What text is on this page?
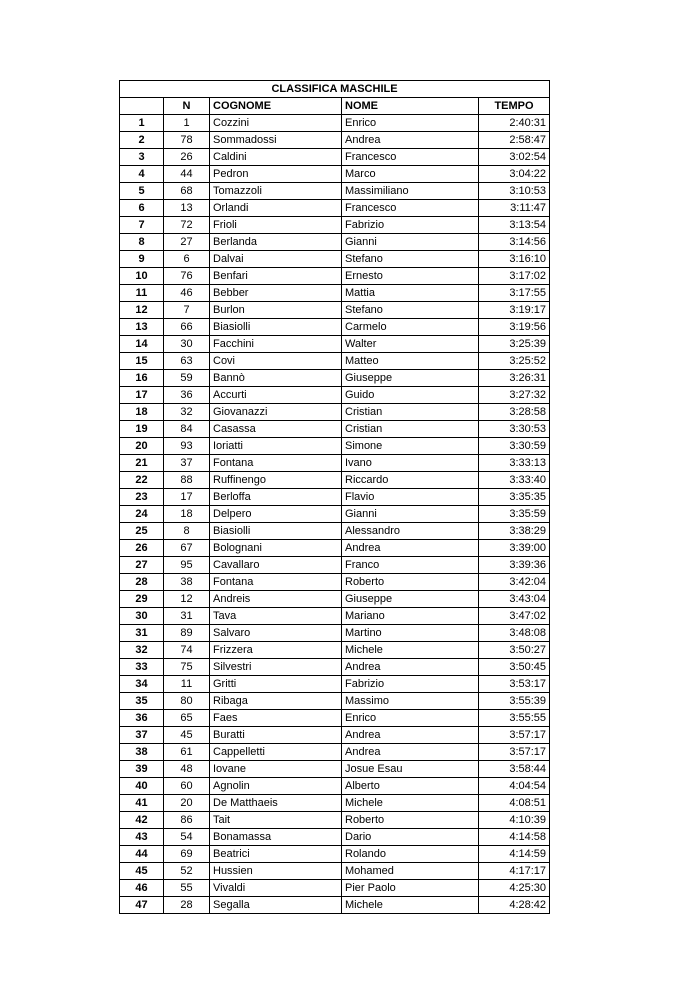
CLASSIFICA MASCHILE				
	N	COGNOME	NOME	TEMPO
1	1	Cozzini	Enrico	2:40:31
2	78	Sommadossi	Andrea	2:58:47
3	26	Caldini	Francesco	3:02:54
4	44	Pedron	Marco	3:04:22
5	68	Tomazzoli	Massimiliano	3:10:53
6	13	Orlandi	Francesco	3:11:47
7	72	Frioli	Fabrizio	3:13:54
8	27	Berlanda	Gianni	3:14:56
9	6	Dalvai	Stefano	3:16:10
10	76	Benfari	Ernesto	3:17:02
11	46	Bebber	Mattia	3:17:55
12	7	Burlon	Stefano	3:19:17
13	66	Biasiolli	Carmelo	3:19:56
14	30	Facchini	Walter	3:25:39
15	63	Covi	Matteo	3:25:52
16	59	Bannò	Giuseppe	3:26:31
17	36	Accurti	Guido	3:27:32
18	32	Giovanazzi	Cristian	3:28:58
19	84	Casassa	Cristian	3:30:53
20	93	Ioriatti	Simone	3:30:59
21	37	Fontana	Ivano	3:33:13
22	88	Ruffinengo	Riccardo	3:33:40
23	17	Berloffa	Flavio	3:35:35
24	18	Delpero	Gianni	3:35:59
25	8	Biasiolli	Alessandro	3:38:29
26	67	Bolognani	Andrea	3:39:00
27	95	Cavallaro	Franco	3:39:36
28	38	Fontana	Roberto	3:42:04
29	12	Andreis	Giuseppe	3:43:04
30	31	Tava	Mariano	3:47:02
31	89	Salvaro	Martino	3:48:08
32	74	Frizzera	Michele	3:50:27
33	75	Silvestri	Andrea	3:50:45
34	11	Gritti	Fabrizio	3:53:17
35	80	Ribaga	Massimo	3:55:39
36	65	Faes	Enrico	3:55:55
37	45	Buratti	Andrea	3:57:17
38	61	Cappelletti	Andrea	3:57:17
39	48	Iovane	Josue Esau	3:58:44
40	60	Agnolin	Alberto	4:04:54
41	20	De Matthaeis	Michele	4:08:51
42	86	Tait	Roberto	4:10:39
43	54	Bonamassa	Dario	4:14:58
44	69	Beatrici	Rolando	4:14:59
45	52	Hussien	Mohamed	4:17:17
46	55	Vivaldi	Pier Paolo	4:25:30
47	28	Segalla	Michele	4:28:42
